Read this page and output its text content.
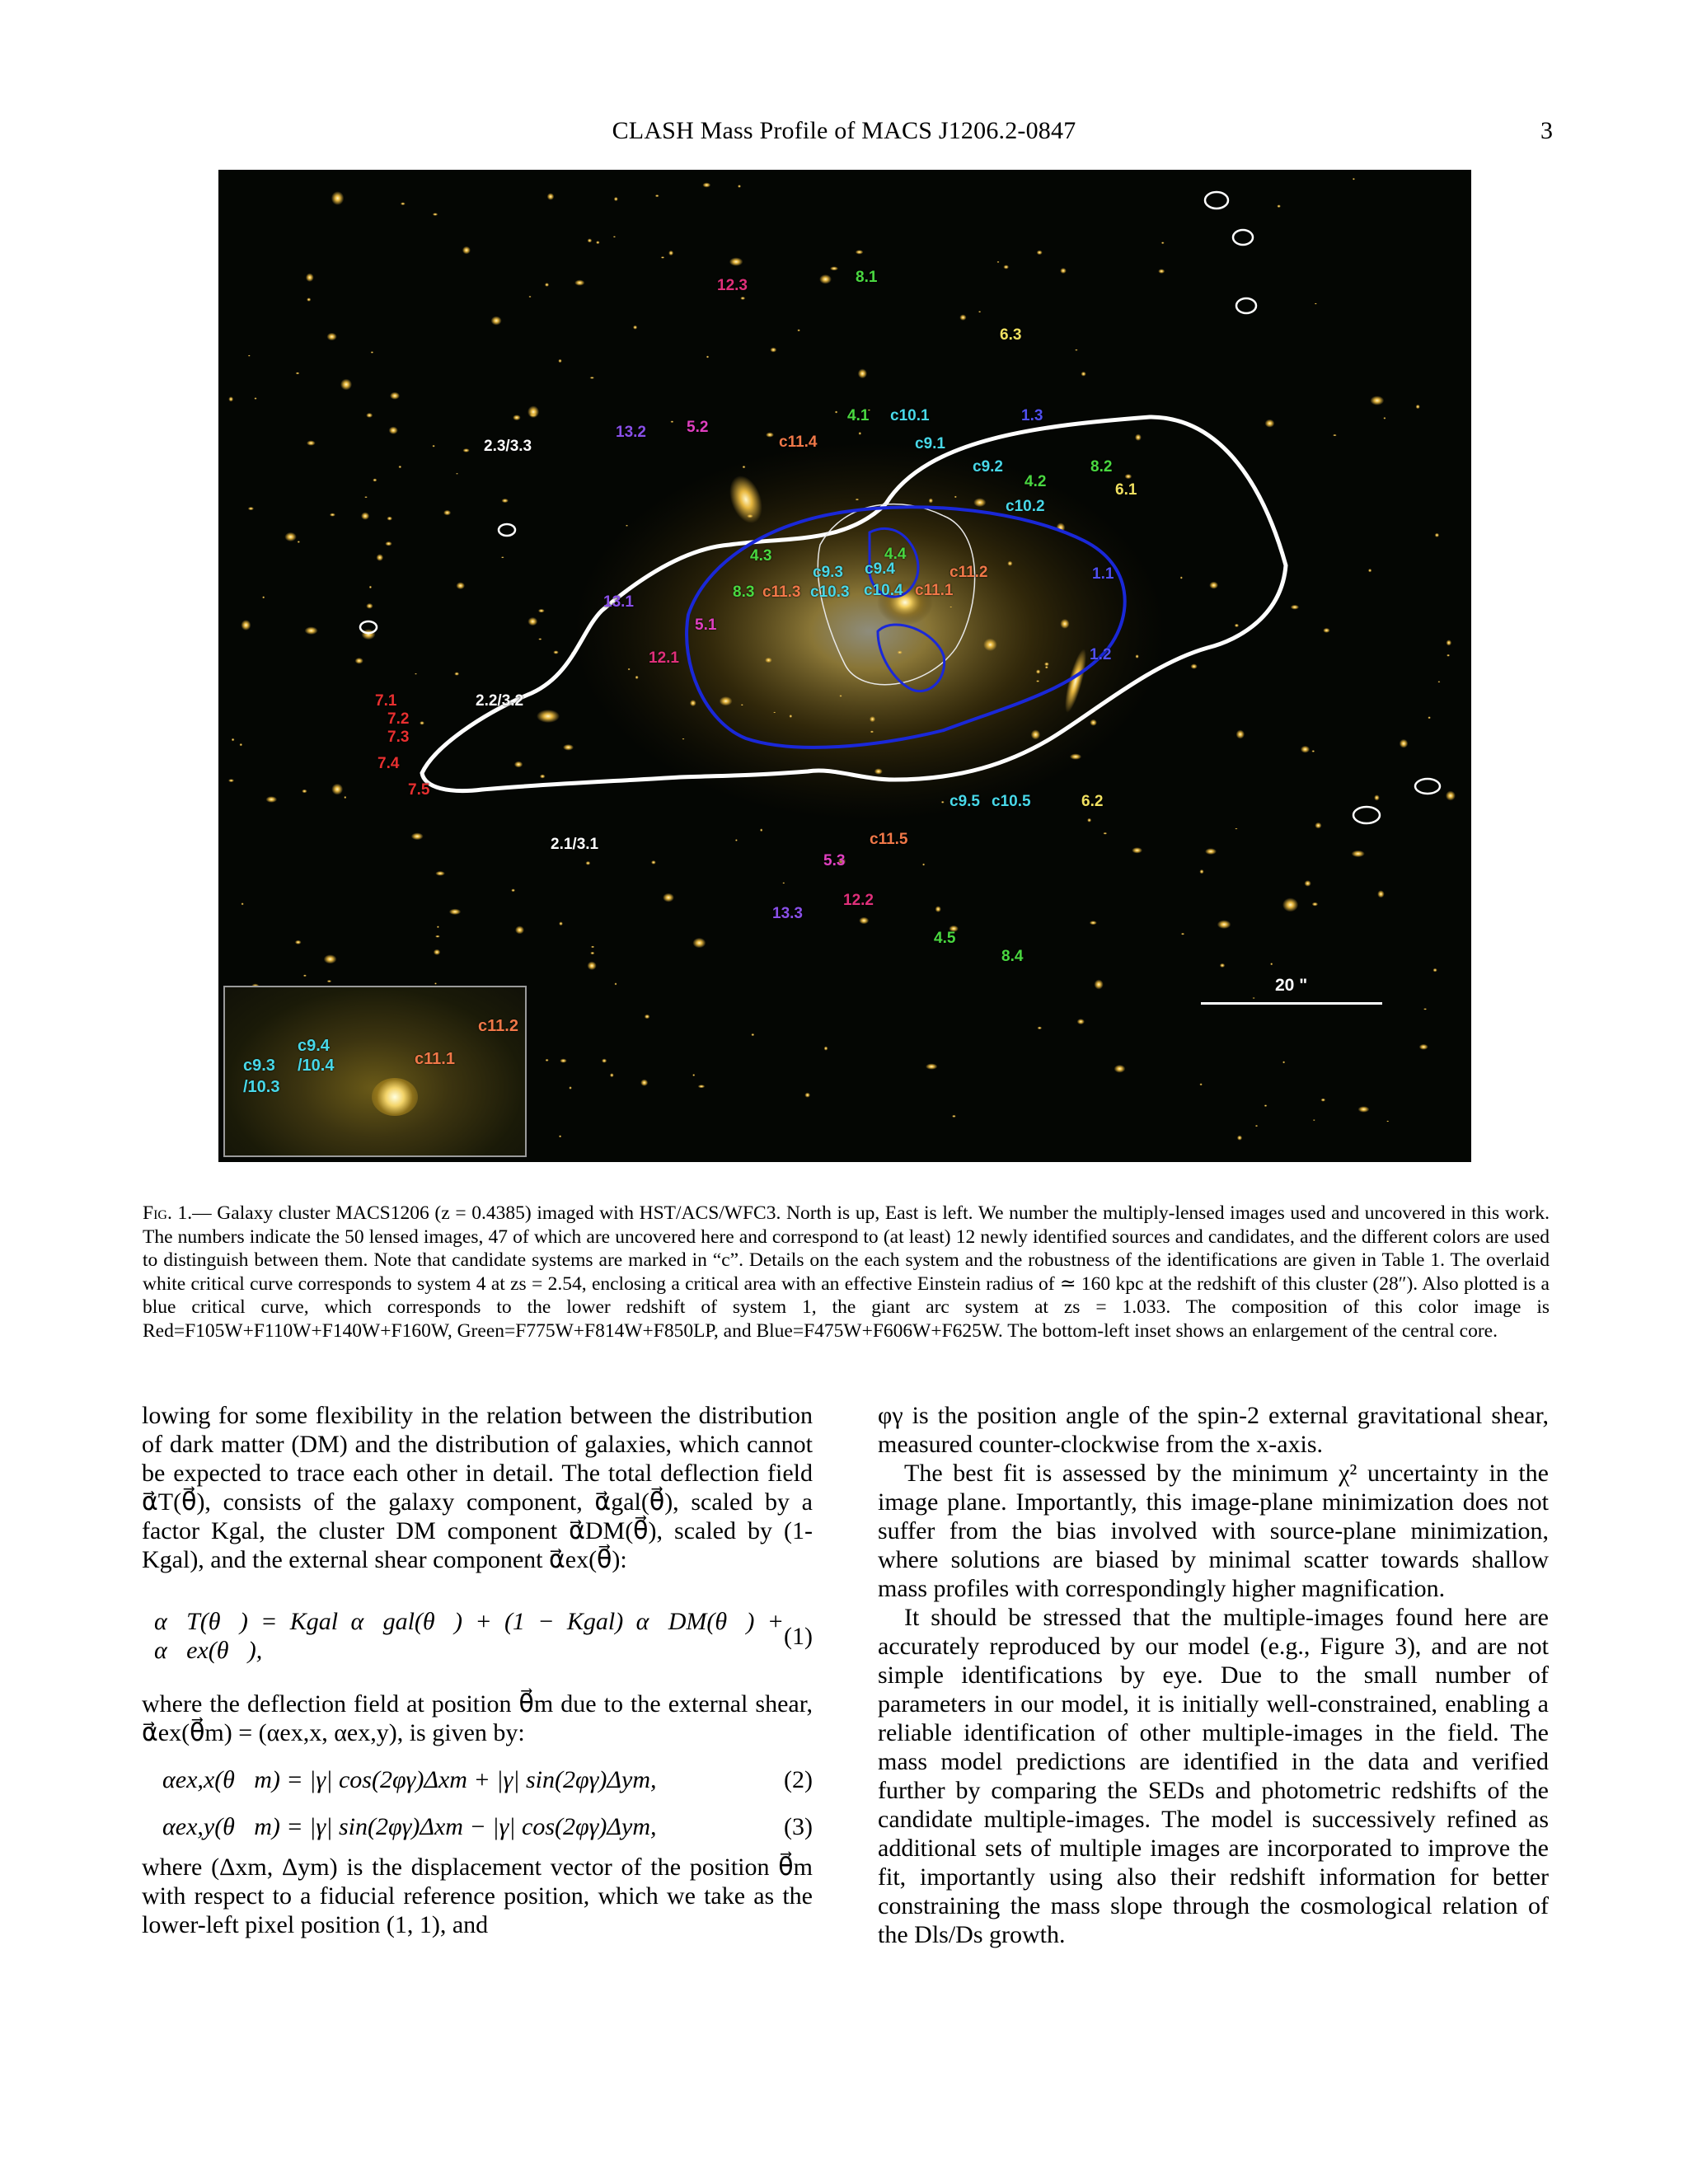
CLASH Mass Profile of MACS J1206.2-0847	3
12.3	8.1
6.3
2.3/3.3
13.2	5.2
c11.4
4.1 c10.1	1.3
c9.1
c9.2	8.2
4.2	6.1
c10.2
4.3	4.4
c9.3 c9.4	c11.2	1.1
8.3 c11.3 c10.3 c10.4 c11.1
13.1
5.1
12.1	1.2
7.1	2.2/3.2
7.2
7.3
7.4
7.5
c9.5 c10.5	6.2
2.1/3.1	c11.5
5.3
12.2
13.3
4.5
8.4
20 "
c11.2
c9.4
/10.4
c9.3
/10.3
c11.1
Fig. 1.— Galaxy cluster MACS1206 (z = 0.4385) imaged with HST/ACS/WFC3. North is up, East is left. We number the multiply-lensed images used and uncovered in this work. The numbers indicate the 50 lensed images, 47 of which are uncovered here and correspond to (at least) 12 newly identified sources and candidates, and the different colors are used to distinguish between them. Note that candidate systems are marked in “c”. Details on the each system and the robustness of the identifications are given in Table 1. The overlaid white critical curve corresponds to system 4 at zs = 2.54, enclosing a critical area with an effective Einstein radius of ≃ 160 kpc at the redshift of this cluster (28″). Also plotted is a blue critical curve, which corresponds to the lower redshift of system 1, the giant arc system at zs = 1.033. The composition of this color image is Red=F105W+F110W+F140W+F160W, Green=F775W+F814W+F850LP, and Blue=F475W+F606W+F625W. The bottom-left inset shows an enlargement of the central core.

lowing for some flexibility in the relation between the distribution of dark matter (DM) and the distribution of galaxies, which cannot be expected to trace each other in detail. The total deflection field α⃗T(θ⃗), consists of the galaxy component, α⃗gal(θ⃗), scaled by a factor Kgal, the cluster DM component α⃗DM(θ⃗), scaled by (1-Kgal), and the external shear component α⃗ex(θ⃗):

α⃗T(θ⃗) = Kgal α⃗gal(θ⃗) + (1 − Kgal) α⃗DM(θ⃗) + α⃗ex(θ⃗),
(1)

where the deflection field at position θ⃗m due to the external shear, α⃗ex(θ⃗m) = (αex,x, αex,y), is given by:

αex,x(θ⃗m) = |γ| cos(2φγ)Δxm + |γ| sin(2φγ)Δym,	(2)
αex,y(θ⃗m) = |γ| sin(2φγ)Δxm − |γ| cos(2φγ)Δym,	(3)

where (Δxm, Δym) is the displacement vector of the position θ⃗m with respect to a fiducial reference position, which we take as the lower-left pixel position (1, 1), and

φγ is the position angle of the spin-2 external gravitational shear, measured counter-clockwise from the x-axis.

The best fit is assessed by the minimum χ² uncertainty in the image plane. Importantly, this image-plane minimization does not suffer from the bias involved with source-plane minimization, where solutions are biased by minimal scatter towards shallow mass profiles with correspondingly higher magnification.

It should be stressed that the multiple-images found here are accurately reproduced by our model (e.g., Figure 3), and are not simple identifications by eye. Due to the small number of parameters in our model, it is initially well-constrained, enabling a reliable identification of other multiple-images in the field. The mass model predictions are identified in the data and verified further by comparing the SEDs and photometric redshifts of the candidate multiple-images. The model is successively refined as additional sets of multiple images are incorporated to improve the fit, importantly using also their redshift information for better constraining the mass slope through the cosmological relation of the Dls/Ds growth.
